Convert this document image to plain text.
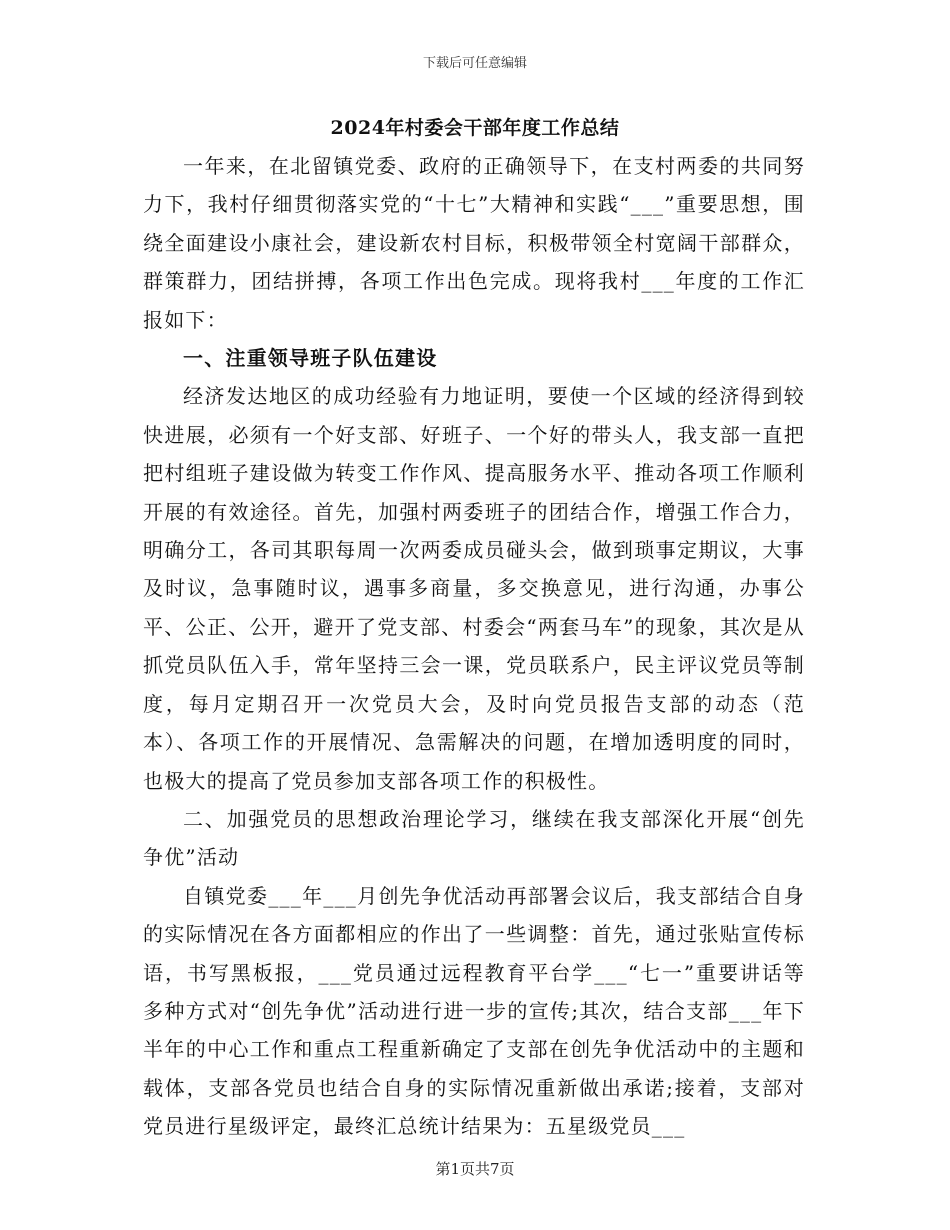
下载后可任意编辑
2024年村委会干部年度工作总结

一年来，在北留镇党委、政府的正确领导下，在支村两委的共同努力下，我村仔细贯彻落实党的“十七”大精神和实践“___”重要思想，围绕全面建设小康社会，建设新农村目标，积极带领全村宽阔干部群众，群策群力，团结拼搏，各项工作出色完成。现将我村___年度的工作汇报如下：

一、注重领导班子队伍建设

经济发达地区的成功经验有力地证明，要使一个区域的经济得到较快进展，必须有一个好支部、好班子、一个好的带头人，我支部一直把把村组班子建设做为转变工作作风、提高服务水平、推动各项工作顺利开展的有效途径。首先，加强村两委班子的团结合作，增强工作合力，明确分工，各司其职每周一次两委成员碰头会，做到琐事定期议，大事及时议，急事随时议，遇事多商量，多交换意见，进行沟通，办事公平、公正、公开，避开了党支部、村委会“两套马车”的现象，其次是从抓党员队伍入手，常年坚持三会一课，党员联系户，民主评议党员等制度，每月定期召开一次党员大会，及时向党员报告支部的动态（范本）、各项工作的开展情况、急需解决的问题，在增加透明度的同时，也极大的提高了党员参加支部各项工作的积极性。

二、加强党员的思想政治理论学习，继续在我支部深化开展“创先争优”活动

自镇党委___年___月创先争优活动再部署会议后，我支部结合自身的实际情况在各方面都相应的作出了一些调整：首先，通过张贴宣传标语，书写黑板报，___党员通过远程教育平台学___“七一”重要讲话等多种方式对“创先争优”活动进行进一步的宣传;其次，结合支部___年下半年的中心工作和重点工程重新确定了支部在创先争优活动中的主题和载体，支部各党员也结合自身的实际情况重新做出承诺;接着，支部对党员进行星级评定，最终汇总统计结果为：五星级党员___

第1页共7页
